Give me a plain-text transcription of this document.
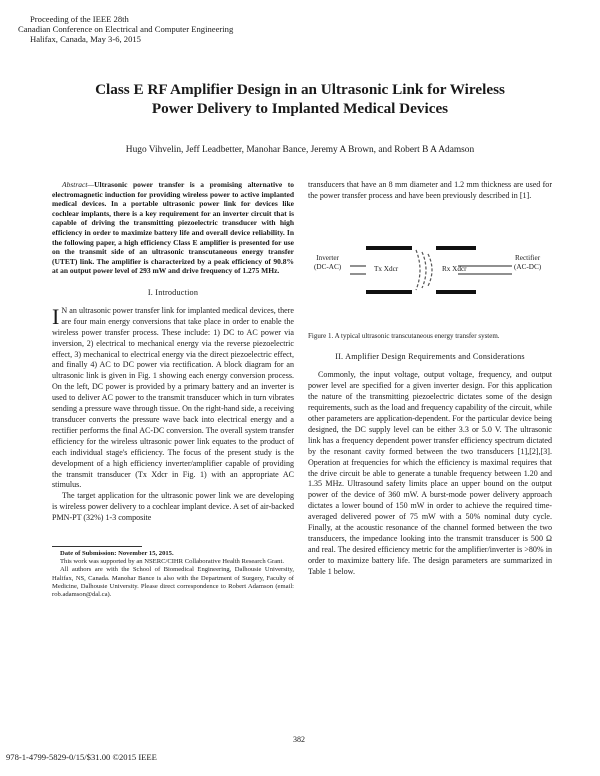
Proceeding of the IEEE 28th
Canadian Conference on Electrical and Computer Engineering
Halifax, Canada, May 3-6, 2015
Class E RF Amplifier Design in an Ultrasonic Link for Wireless
Power Delivery to Implanted Medical Devices
Hugo Vihvelin, Jeff Leadbetter, Manohar Bance, Jeremy A Brown, and Robert B A Adamson

Abstract—Ultrasonic power transfer is a promising alternative to electromagnetic induction for providing wireless power to active implanted medical devices. In a portable ultrasonic power link for devices like cochlear implants, there is a key requirement for an inverter circuit that is capable of driving the transmitting piezoelectric transducer with high efficiency in order to maximize battery life and overall device reliability. In the following paper, a high efficiency Class E amplifier is presented for use on the transmit side of an ultrasonic transcutaneous energy transfer (UTET) link. The amplifier is characterized by a peak efficiency of 90.8% at an output power level of 293 mW and drive frequency of 1.275 MHz.

I. Introduction

I N an ultrasonic power transfer link for implanted medical devices, there are four main energy conversions that take place in order to enable the wireless power transfer process. These include: 1) DC to AC power via inversion, 2) electrical to mechanical energy via the reverse piezoelectric effect, 3) mechanical to electrical energy via the direct piezoelectric effect, and finally 4) AC to DC power via rectification. A block diagram for an ultrasonic link is given in Fig. 1 showing each energy conversion process. On the left, DC power is provided by a primary battery and an inverter is used to deliver AC power to the transmit transducer which in turn vibrates sending a pressure wave through tissue. On the right-hand side, a receiving transducer converts the pressure wave back into electrical energy and a rectifier performs the final AC-DC conversion. The overall system transfer efficiency for the wireless ultrasonic power link equates to the product of each individual stage's efficiency. The focus of the present study is the development of a high efficiency inverter/amplifier capable of providing the transmit transducer (Tx Xdcr in Fig. 1) with an appropriate AC stimulus.

The target application for the ultrasonic power link we are developing is wireless power delivery to a cochlear implant device. A set of air-backed PMN-PT (32%) 1-3 composite

Date of Submission: November 15, 2015.

This work was supported by an NSERC/CIHR Collaborative Health Research Grant.

All authors are with the School of Biomedical Engineering, Dalhousie University, Halifax, NS, Canada. Manohar Bance is also with the Department of Surgery, Faculty of Medicine, Dalhousie University. Please direct correspondence to Robert Adamson (email: rob.adamson@dal.ca).

transducers that have an 8 mm diameter and 1.2 mm thickness are used for the power transfer process and have been previously described in [1].

Inverter
(DC-AC)	Tx Xdcr	Rx Xdcr
Rectifier
(AC-DC)

Figure 1. A typical ultrasonic transcutaneous energy transfer system.

II. Amplifier Design Requirements and Considerations

Commonly, the input voltage, output voltage, frequency, and output power level are specified for a given inverter design. For this application the nature of the transmitting piezoelectric dictates some of the design requirements, such as the load and frequency capability of the circuit, while other parameters are application-dependent. For the particular device being designed, the DC supply level can be either 3.3 or 5.0 V. The ultrasonic link has a frequency dependent power transfer efficiency spectrum dictated by the resonant cavity formed between the two transducers [1],[2],[3]. Operation at frequencies for which the efficiency is maximal requires that the drive circuit be able to generate a tunable frequency between 1.20 and 1.35 MHz. Ultrasound safety limits place an upper bound on the output power of the device of 360 mW. A burst-mode power delivery approach dictates a lower bound of 150 mW in order to achieve the required time-averaged delivered power of 75 mW with a 50% nominal duty cycle. Finally, at the acoustic resonance of the channel formed between the two transducers, the impedance looking into the transmit transducer is 500 Ω and real. The desired efficiency metric for the amplifier/inverter is >80% in order to maximize battery life. The design parameters are summarized in Table 1 below.

382
978-1-4799-5829-0/15/$31.00 ©2015 IEEE
